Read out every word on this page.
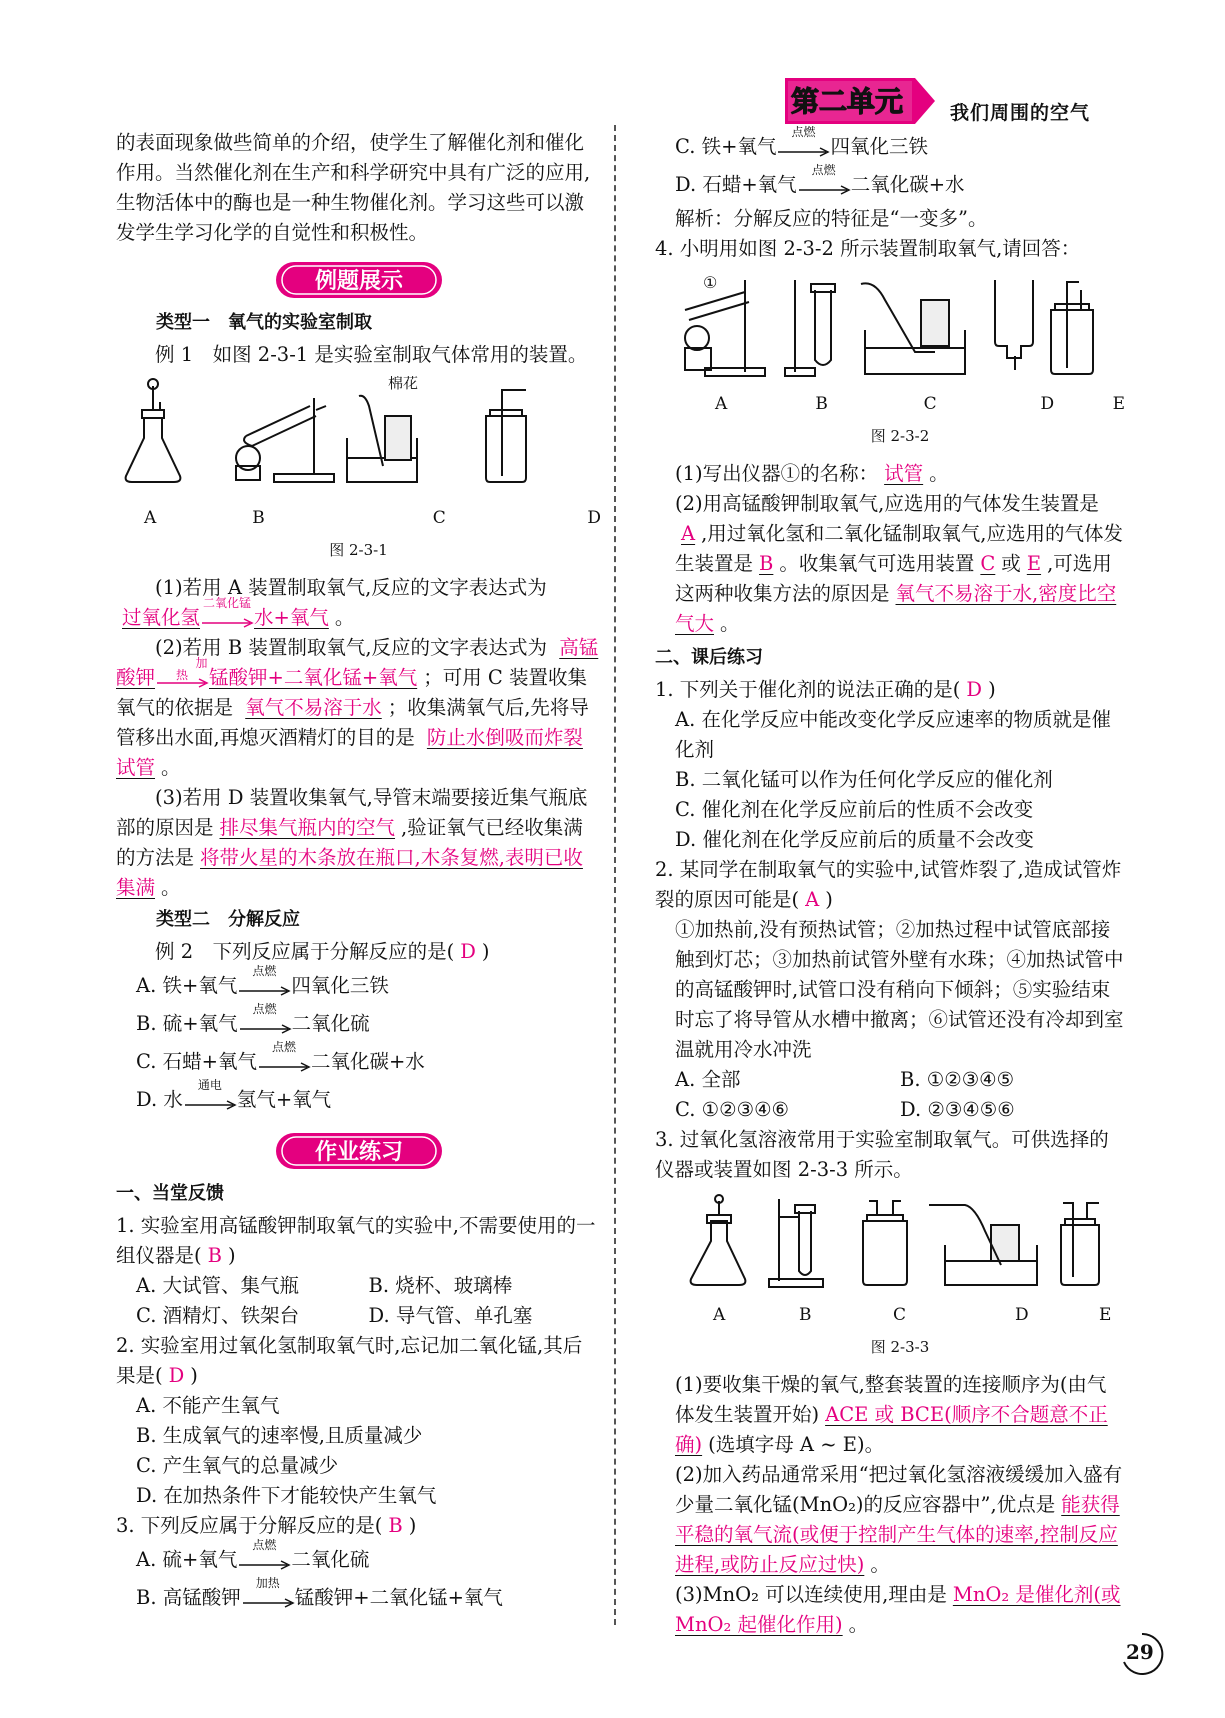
第二单元 我们周围的空气

的表面现象做些简单的介绍，使学生了解催化剂和催化作用。当然催化剂在生产和科学研究中具有广泛的应用,生物活体中的酶也是一种生物催化剂。学习这些可以激发学生学习化学的自觉性和积极性。

例题展示
类型一　氧气的实验室制取

例 1　如图 2-3-1 是实验室制取气体常用的装置。

棉花
A	B	C	D
图 2-3-1

(1)若用 A 装置制取氧气,反应的文字表达式为

过氧化氢
二氧化锰
水+氧气 。

(2)若用 B 装置制取氧气,反应的文字表达式为 高锰酸钾
加热	锰酸钾+二氧化锰+氧气 ；可用 C 装置收集氧气的依据是 氧气不易溶于水 ；收集满氧气后,先将导管移出水面,再熄灭酒精灯的目的是 防止水倒吸而炸裂试管 。

(3)若用 D 装置收集氧气,导管末端要接近集气瓶底部的原因是 排尽集气瓶内的空气 ,验证氧气已经收集满的方法是 将带火星的木条放在瓶口,木条复燃,表明已收集满 。

类型二　分解反应

例 2　下列反应属于分解反应的是( D )

A. 铁+氧气
点燃
四氧化三铁
B. 硫+氧气
点燃
二氧化硫
C. 石蜡+氧气
点燃
二氧化碳+水
D. 水
通电
氢气+氧气
作业练习
一、当堂反馈

1. 实验室用高锰酸钾制取氧气的实验中,不需要使用的一组仪器是( B )

A. 大试管、集气瓶	B. 烧杯、玻璃棒
C. 酒精灯、铁架台	D. 导气管、单孔塞

2. 实验室用过氧化氢制取氧气时,忘记加二氧化锰,其后果是( D )

A. 不能产生氧气
B. 生成氧气的速率慢,且质量减少
C. 产生氧气的总量减少
D. 在加热条件下才能较快产生氧气

3. 下列反应属于分解反应的是( B )

A. 硫+氧气
点燃
二氧化硫
B. 高锰酸钾
加热
锰酸钾+二氧化锰+氧气
C. 铁+氧气
点燃
四氧化三铁
D. 石蜡+氧气
点燃
二氧化碳+水

解析：分解反应的特征是“一变多”。

4. 小明用如图 2-3-2 所示装置制取氧气,请回答：

①
A	B	C	D	E
图 2-3-2

(1)写出仪器①的名称： 试管 。

(2)用高锰酸钾制取氧气,应选用的气体发生装置是A ,用过氧化氢和二氧化锰制取氧气,应选用的气体发生装置是 B 。收集氧气可选用装置 C 或 E ,可选用这两种收集方法的原因是 氧气不易溶于水,密度比空气大 。

二、课后练习

1. 下列关于催化剂的说法正确的是( D )

A. 在化学反应中能改变化学反应速率的物质就是催化剂
B. 二氧化锰可以作为任何化学反应的催化剂
C. 催化剂在化学反应前后的性质不会改变
D. 催化剂在化学反应前后的质量不会改变

2. 某同学在制取氧气的实验中,试管炸裂了,造成试管炸裂的原因可能是( A )

①加热前,没有预热试管；②加热过程中试管底部接触到灯芯；③加热前试管外壁有水珠；④加热试管中的高锰酸钾时,试管口没有稍向下倾斜；⑤实验结束时忘了将导管从水槽中撤离；⑥试管还没有冷却到室温就用冷水冲洗

A. 全部	B. ①②③④⑤
C. ①②③④⑥	D. ②③④⑤⑥

3. 过氧化氢溶液常用于实验室制取氧气。可供选择的仪器或装置如图 2-3-3 所示。

A	B	C	D	E
图 2-3-3

(1)要收集干燥的氧气,整套装置的连接顺序为(由气体发生装置开始) ACE 或 BCE(顺序不合题意不正确) (选填字母 A ~ E)。

(2)加入药品通常采用“把过氧化氢溶液缓缓加入盛有少量二氧化锰(MnO₂)的反应容器中”,优点是 能获得平稳的氧气流(或便于控制产生气体的速率,控制反应进程,或防止反应过快) 。

(3)MnO₂ 可以连续使用,理由是 MnO₂ 是催化剂(或 MnO₂ 起催化作用) 。

29
